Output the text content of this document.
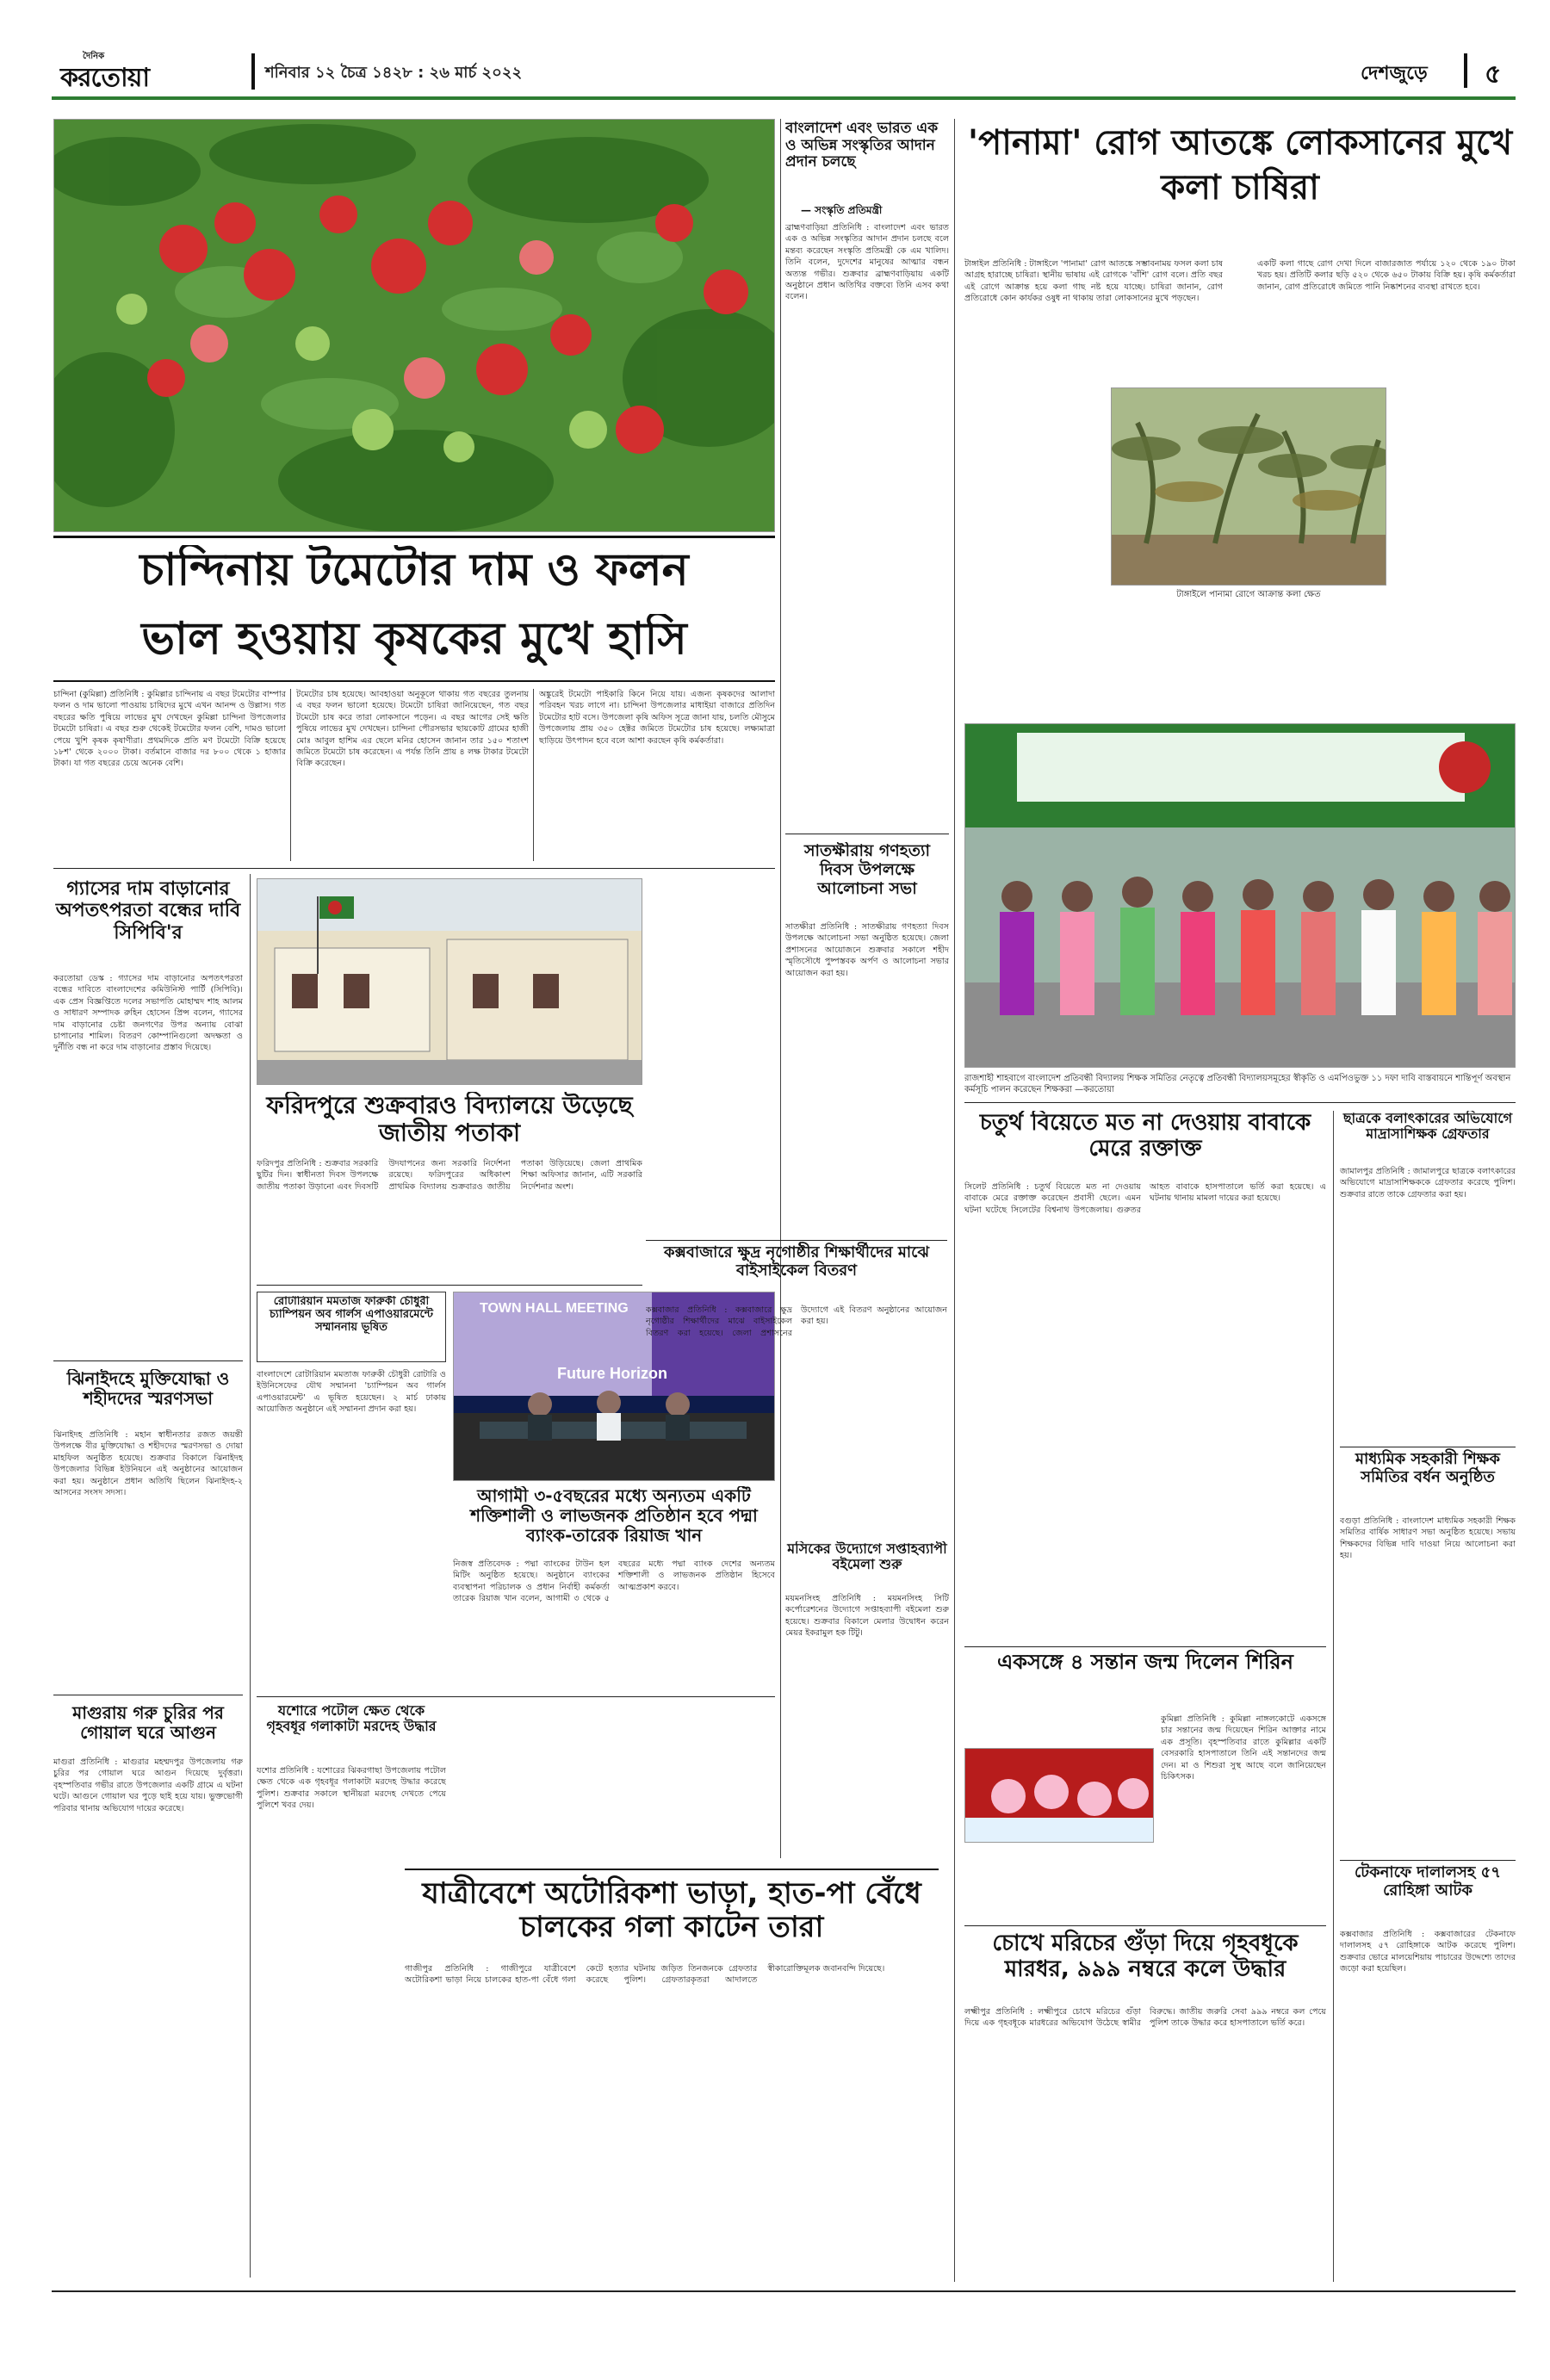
দৈনিক
করতোয়া	শনিবার ১২ চৈত্র ১৪২৮ : ২৬ মার্চ ২০২২	দেশজুড়ে ৫
চান্দিনায় টমেটোর দাম ও ফলন
ভাল হওয়ায় কৃষকের মুখে হাসি

চান্দিনা (কুমিল্লা) প্রতিনিধি : কুমিল্লার চান্দিনায় এ বছর টমেটোর বাম্পার ফলন ও দাম ভালো পাওয়ায় চাষিদের মুখে এখন আনন্দ ও উল্লাস। গত বছরের ক্ষতি পুষিয়ে লাভের মুখ দেখছেন কুমিল্লা চান্দিনা উপজেলার টমেটো চাষিরা। এ বছর শুরু থেকেই টমেটোর ফলন বেশি, দামও ভালো পেয়ে খুশি কৃষক কৃষাণীরা। প্রথমদিকে প্রতি মণ টমেটো বিক্রি হয়েছে ১৮শ' থেকে ২০০০ টাকা। বর্তমানে বাজার দর ৮০০ থেকে ১ হাজার টাকা। যা গত বছরের চেয়ে অনেক বেশি।

টমেটোর চাষ হয়েছে। আবহাওয়া অনুকূলে থাকায় গত বছরের তুলনায় এ বছর ফলন ভালো হয়েছে। টমেটো চাষিরা জানিয়েছেন, গত বছর টমেটো চাষ করে তারা লোকসানে পড়েন। এ বছর আগের সেই ক্ষতি পুষিয়ে লাভের মুখ দেখছেন। চান্দিনা পৌরসভার ছায়কোট গ্রামের হাজী মোঃ আবুল হাশিম এর ছেলে মনির হোসেন জানান তার ১৫০ শতাংশ জমিতে টমেটো চাষ করেছেন। এ পর্যন্ত তিনি প্রায় ৪ লক্ষ টাকার টমেটো বিক্রি করেছেন।

অঙ্কুরেই টমেটো পাইকারি কিনে নিয়ে যায়। এজন্য কৃষকদের আলাদা পরিবহন খরচ লাগে না। চান্দিনা উপজেলার মাধাইয়া বাজারে প্রতিদিন টমেটোর হাট বসে। উপজেলা কৃষি অফিস সূত্রে জানা যায়, চলতি মৌসুমে উপজেলায় প্রায় ৩৫০ হেক্টর জমিতে টমেটোর চাষ হয়েছে। লক্ষ্যমাত্রা ছাড়িয়ে উৎপাদন হবে বলে আশা করছেন কৃষি কর্মকর্তারা।

গ্যাসের দাম বাড়ানোর অপতৎপরতা বন্ধের দাবি সিপিবি'র
করতোয়া ডেস্ক : গ্যাসের দাম বাড়ানোর অপতৎপরতা বন্ধের দাবিতে বাংলাদেশের কমিউনিস্ট পার্টি (সিপিবি)। এক প্রেস বিজ্ঞপ্তিতে দলের সভাপতি মোহাম্মদ শাহ আলম ও সাধারণ সম্পাদক রুহিন হোসেন প্রিন্স বলেন, গ্যাসের দাম বাড়ানোর চেষ্টা জনগণের উপর অন্যায় বোঝা চাপানোর শামিল। বিতরণ কোম্পানিগুলো অদক্ষতা ও দুর্নীতি বন্ধ না করে দাম বাড়ানোর প্রস্তাব দিয়েছে।
ঝিনাইদহে মুক্তিযোদ্ধা ও শহীদদের স্মরণসভা
ঝিনাইদহ প্রতিনিধি : মহান স্বাধীনতার রজত জয়ন্তী উপলক্ষে বীর মুক্তিযোদ্ধা ও শহীদদের স্মরণসভা ও দোয়া মাহফিল অনুষ্ঠিত হয়েছে। শুক্রবার বিকালে ঝিনাইদহ উপজেলার বিভিন্ন ইউনিয়নে এই অনুষ্ঠানের আয়োজন করা হয়। অনুষ্ঠানে প্রধান অতিথি ছিলেন ঝিনাইদহ-২ আসনের সংসদ সদস্য।
মাগুরায় গরু চুরির পর গোয়াল ঘরে আগুন
মাগুরা প্রতিনিধি : মাগুরার মহম্মদপুর উপজেলায় গরু চুরির পর গোয়াল ঘরে আগুন দিয়েছে দুর্বৃত্তরা। বৃহস্পতিবার গভীর রাতে উপজেলার একটি গ্রামে এ ঘটনা ঘটে। আগুনে গোয়াল ঘর পুড়ে ছাই হয়ে যায়। ভুক্তভোগী পরিবার থানায় অভিযোগ দায়ের করেছে।
ফরিদপুরে শুক্রবারও বিদ্যালয়ে উড়েছে জাতীয় পতাকা
ফরিদপুর প্রতিনিধি : শুক্রবার সরকারি ছুটির দিন। স্বাধীনতা দিবস উপলক্ষে জাতীয় পতাকা উড়ানো এবং দিবসটি উদযাপনের জন্য সরকারি নির্দেশনা রয়েছে। ফরিদপুরের অধিকাংশ প্রাথমিক বিদ্যালয় শুক্রবারও জাতীয় পতাকা উড়িয়েছে। জেলা প্রাথমিক শিক্ষা অফিসার জানান, এটি সরকারি নির্দেশনার অংশ।
রোটারিয়ান মমতাজ ফারুকী চৌধুরী চ্যাম্পিয়ন অব গার্লস এপাওয়ারমেন্টে সম্মাননায় ভূষিত
বাংলাদেশে রোটারিয়ান মমতাজ ফারুকী চৌধুরী রোটারি ও ইউনিসেফের যৌথ সম্মাননা 'চ্যাম্পিয়ন অব গার্লস এপাওয়ারমেন্ট' এ ভূষিত হয়েছেন। ২ মার্চ ঢাকায় আয়োজিত অনুষ্ঠানে এই সম্মাননা প্রদান করা হয়।
TOWN HALL MEETING
Future Horizon
আগামী ৩-৫বছরের মধ্যে অন্যতম একটি শক্তিশালী ও লাভজনক প্রতিষ্ঠান হবে পদ্মা ব্যাংক-তারেক রিয়াজ খান
নিজস্ব প্রতিবেদক : পদ্মা ব্যাংকের টাউন হল মিটিং অনুষ্ঠিত হয়েছে। অনুষ্ঠানে ব্যাংকের ব্যবস্থাপনা পরিচালক ও প্রধান নির্বাহী কর্মকর্তা তারেক রিয়াজ খান বলেন, আগামী ৩ থেকে ৫ বছরের মধ্যে পদ্মা ব্যাংক দেশের অন্যতম শক্তিশালী ও লাভজনক প্রতিষ্ঠান হিসেবে আত্মপ্রকাশ করবে।
যশোরে পটোল ক্ষেত থেকে গৃহবধূর গলাকাটা মরদেহ উদ্ধার
যশোর প্রতিনিধি : যশোরের ঝিকরগাছা উপজেলায় পটোল ক্ষেত থেকে এক গৃহবধূর গলাকাটা মরদেহ উদ্ধার করেছে পুলিশ। শুক্রবার সকালে স্থানীয়রা মরদেহ দেখতে পেয়ে পুলিশে খবর দেয়।
যাত্রীবেশে অটোরিকশা ভাড়া, হাত-পা বেঁধে চালকের গলা কাটেন তারা
গাজীপুর প্রতিনিধি : গাজীপুরে যাত্রীবেশে অটোরিকশা ভাড়া নিয়ে চালকের হাত-পা বেঁধে গলা কেটে হত্যার ঘটনায় জড়িত তিনজনকে গ্রেফতার করেছে পুলিশ। গ্রেফতারকৃতরা আদালতে স্বীকারোক্তিমূলক জবানবন্দি দিয়েছে।
বাংলাদেশ এবং ভারত এক ও অভিন্ন সংস্কৃতির আদান প্রদান চলছে
— সংস্কৃতি প্রতিমন্ত্রী
ব্রাহ্মণবাড়িয়া প্রতিনিধি : বাংলাদেশ এবং ভারত এক ও অভিন্ন সংস্কৃতির আদান প্রদান চলছে বলে মন্তব্য করেছেন সংস্কৃতি প্রতিমন্ত্রী কে এম খালিদ। তিনি বলেন, দুদেশের মানুষের আত্মার বন্ধন অত্যন্ত গভীর। শুক্রবার ব্রাহ্মণবাড়িয়ায় একটি অনুষ্ঠানে প্রধান অতিথির বক্তব্যে তিনি এসব কথা বলেন।
সাতক্ষীরায় গণহত্যা দিবস উপলক্ষে আলোচনা সভা
সাতক্ষীরা প্রতিনিধি : সাতক্ষীরায় গণহত্যা দিবস উপলক্ষে আলোচনা সভা অনুষ্ঠিত হয়েছে। জেলা প্রশাসনের আয়োজনে শুক্রবার সকালে শহীদ স্মৃতিসৌধে পুষ্পস্তবক অর্পণ ও আলোচনা সভার আয়োজন করা হয়।
কক্সবাজারে ক্ষুদ্র নৃগোষ্ঠীর শিক্ষার্থীদের মাঝে বাইসাইকেল বিতরণ
কক্সবাজার প্রতিনিধি : কক্সবাজারে ক্ষুদ্র নৃগোষ্ঠীর শিক্ষার্থীদের মাঝে বাইসাইকেল বিতরণ করা হয়েছে। জেলা প্রশাসনের উদ্যোগে এই বিতরণ অনুষ্ঠানের আয়োজন করা হয়।
মসিকের উদ্যোগে সপ্তাহব্যাপী বইমেলা শুরু
ময়মনসিংহ প্রতিনিধি : ময়মনসিংহ সিটি কর্পোরেশনের উদ্যোগে সপ্তাহব্যাপী বইমেলা শুরু হয়েছে। শুক্রবার বিকালে মেলার উদ্বোধন করেন মেয়র ইকরামুল হক টিটু।
'পানামা' রোগ আতঙ্কে লোকসানের মুখে কলা চাষিরা

টাঙ্গাইল প্রতিনিধি : টাঙ্গাইলে 'পানামা' রোগ আতঙ্কে সম্ভাবনাময় ফসল কলা চাষ আগ্রহ হারাচ্ছে চাষিরা। স্থানীয় ভাষায় এই রোগকে 'বাঁশি' রোগ বলে। প্রতি বছর এই রোগে আক্রান্ত হয়ে কলা গাছ নষ্ট হয়ে যাচ্ছে। চাষিরা জানান, রোগ প্রতিরোধে কোন কার্যকর ওষুধ না থাকায় তারা লোকসানের মুখে পড়ছেন।

একটি কলা গাছে রোগ দেখা দিলে বাজারজাত পর্যায়ে ১২০ থেকে ১৯০ টাকা খরচ হয়। প্রতিটি কলার ছড়ি ৫২০ থেকে ৬৫০ টাকায় বিক্রি হয়। কৃষি কর্মকর্তারা জানান, রোগ প্রতিরোধে জমিতে পানি নিষ্কাশনের ব্যবস্থা রাখতে হবে।

টাঙ্গাইলে পানামা রোগে আক্রান্ত কলা ক্ষেত
রাজশাহী শাহবাগে বাংলাদেশ প্রতিবন্ধী বিদ্যালয় শিক্ষক সমিতির নেতৃত্বে প্রতিবন্ধী বিদ্যালয়সমূহের স্বীকৃতি ও এমপিওভুক্ত ১১ দফা দাবি বাস্তবায়নে শান্তিপূর্ণ অবস্থান কর্মসূচি পালন করেছেন শিক্ষকরা —করতোয়া
চতুর্থ বিয়েতে মত না দেওয়ায় বাবাকে মেরে রক্তাক্ত
সিলেট প্রতিনিধি : চতুর্থ বিয়েতে মত না দেওয়ায় বাবাকে মেরে রক্তাক্ত করেছেন প্রবাসী ছেলে। এমন ঘটনা ঘটেছে সিলেটের বিশ্বনাথ উপজেলায়। গুরুতর আহত বাবাকে হাসপাতালে ভর্তি করা হয়েছে। এ ঘটনায় থানায় মামলা দায়ের করা হয়েছে।
ছাত্রকে বলাৎকারের অভিযোগে মাদ্রাসাশিক্ষক গ্রেফতার
জামালপুর প্রতিনিধি : জামালপুরে ছাত্রকে বলাৎকারের অভিযোগে মাদ্রাসাশিক্ষককে গ্রেফতার করেছে পুলিশ। শুক্রবার রাতে তাকে গ্রেফতার করা হয়।
মাধ্যমিক সহকারী শিক্ষক সমিতির বর্ধন অনুষ্ঠিত
বগুড়া প্রতিনিধি : বাংলাদেশ মাধ্যমিক সহকারী শিক্ষক সমিতির বার্ষিক সাধারণ সভা অনুষ্ঠিত হয়েছে। সভায় শিক্ষকদের বিভিন্ন দাবি দাওয়া নিয়ে আলোচনা করা হয়।
একসঙ্গে ৪ সন্তান জন্ম দিলেন শিরিন
কুমিল্লা প্রতিনিধি : কুমিল্লা নাঙ্গলকোটে একসঙ্গে চার সন্তানের জন্ম দিয়েছেন শিরিন আক্তার নামে এক প্রসূতি। বৃহস্পতিবার রাতে কুমিল্লার একটি বেসরকারি হাসপাতালে তিনি এই সন্তানদের জন্ম দেন। মা ও শিশুরা সুস্থ আছে বলে জানিয়েছেন চিকিৎসক।
টেকনাফে দালালসহ ৫৭ রোহিঙ্গা আটক
কক্সবাজার প্রতিনিধি : কক্সবাজারের টেকনাফে দালালসহ ৫৭ রোহিঙ্গাকে আটক করেছে পুলিশ। শুক্রবার ভোরে মালয়েশিয়ায় পাচারের উদ্দেশ্যে তাদের জড়ো করা হয়েছিল।
চোখে মরিচের গুঁড়া দিয়ে গৃহবধূকে মারধর, ৯৯৯ নম্বরে কলে উদ্ধার
লক্ষ্মীপুর প্রতিনিধি : লক্ষ্মীপুরে চোখে মরিচের গুঁড়া দিয়ে এক গৃহবধূকে মারধরের অভিযোগ উঠেছে স্বামীর বিরুদ্ধে। জাতীয় জরুরি সেবা ৯৯৯ নম্বরে কল পেয়ে পুলিশ তাকে উদ্ধার করে হাসপাতালে ভর্তি করে।
